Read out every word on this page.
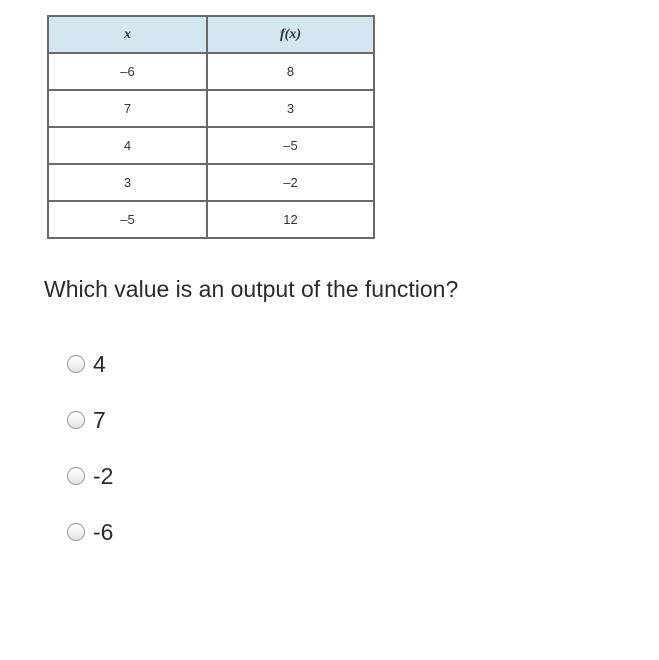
x	f(x)
–6	8
7	3
4	–5
3	–2
–5	12

Which value is an output of the function?

4
7
-2
-6
